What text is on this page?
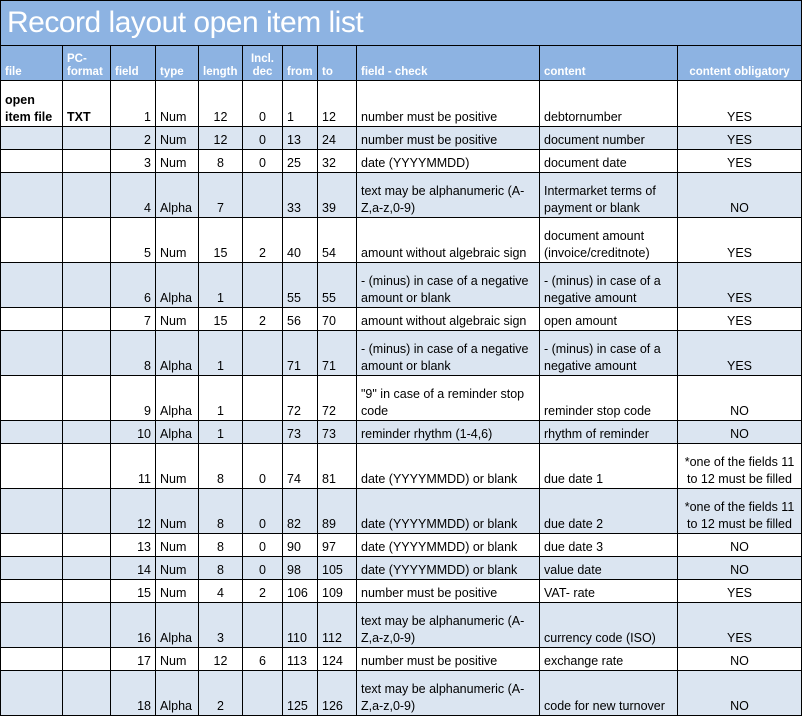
Record layout open item list										
file	PC-format	field	type	length	Incl. dec	from	to	field - check	content	content obligatory
open item file	TXT	1	Num	12	0	1	12	number must be positive	debtornumber	YES
		2	Num	12	0	13	24	number must be positive	document number	YES
		3	Num	8	0	25	32	date (YYYYMMDD)	document date	YES
		4	Alpha	7		33	39	text may be alphanumeric (A-Z,a-z,0-9)	Intermarket terms of payment or blank	NO
		5	Num	15	2	40	54	amount without algebraic sign	document amount (invoice/creditnote)	YES
		6	Alpha	1		55	55	- (minus) in case of a negative amount or blank	- (minus) in case of a negative amount	YES
		7	Num	15	2	56	70	amount without algebraic sign	open amount	YES
		8	Alpha	1		71	71	- (minus) in case of a negative amount or blank	- (minus) in case of a negative amount	YES
		9	Alpha	1		72	72	"9" in case of a reminder stop code	reminder stop code	NO
		10	Alpha	1		73	73	reminder rhythm (1-4,6)	rhythm of reminder	NO
		11	Num	8	0	74	81	date (YYYYMMDD) or blank	due date 1	*one of the fields 11 to 12 must be filled
		12	Num	8	0	82	89	date (YYYYMMDD) or blank	due date 2	*one of the fields 11 to 12 must be filled
		13	Num	8	0	90	97	date (YYYYMMDD) or blank	due date 3	NO
		14	Num	8	0	98	105	date (YYYYMMDD) or blank	value date	NO
		15	Num	4	2	106	109	number must be positive	VAT- rate	YES
		16	Alpha	3		110	112	text may be alphanumeric (A-Z,a-z,0-9)	currency code (ISO)	YES
		17	Num	12	6	113	124	number must be positive	exchange rate	NO
		18	Alpha	2		125	126	text may be alphanumeric (A-Z,a-z,0-9)	code for new turnover	NO
